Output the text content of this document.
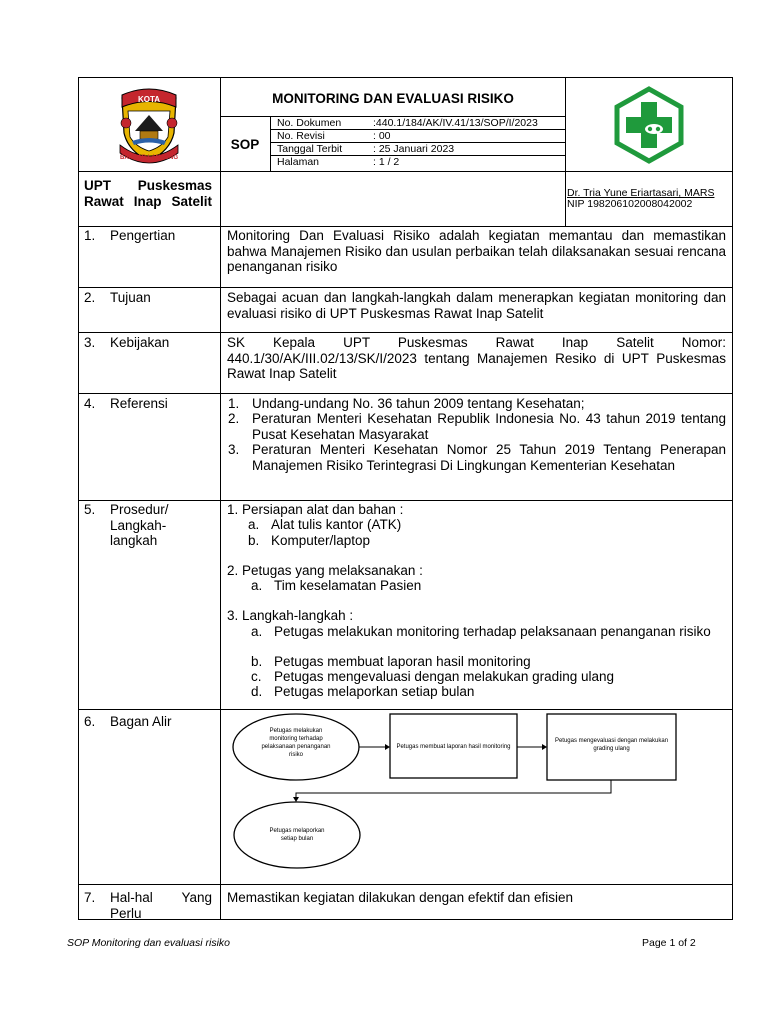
KOTA
BANDAR LAMPUNG
MONITORING DAN EVALUASI RISIKO
SOP
No. Dokumen	:440.1/184/AK/IV.41/13/SOP/I/2023
No. Revisi	: 00
Tanggal Terbit	: 25 Januari 2023
Halaman	: 1 / 2
UPT Puskesmas Rawat Inap Satelit
Dr. Tria Yune Eriartasari, MARS
NIP 198206102008042002
1. Pengertian	Monitoring Dan Evaluasi Risiko adalah kegiatan memantau dan memastikan bahwa Manajemen Risiko dan usulan perbaikan telah dilaksanakan sesuai rencana penanganan risiko
2. Tujuan	Sebagai acuan dan langkah-langkah dalam menerapkan kegiatan monitoring dan evaluasi risiko di UPT Puskesmas Rawat Inap Satelit
3. Kebijakan	SK Kepala UPT Puskesmas Rawat Inap Satelit Nomor: 440.1/30/AK/III.02/13/SK/I/2023 tentang Manajemen Resiko di UPT Puskesmas Rawat Inap Satelit
4. Referensi	1. Undang-undang No. 36 tahun 2009 tentang Kesehatan;
2. Peraturan Menteri Kesehatan Republik Indonesia No. 43 tahun 2019 tentang Pusat Kesehatan Masyarakat
3. Peraturan Menteri Kesehatan Nomor 25 Tahun 2019 Tentang Penerapan Manajemen Risiko Terintegrasi Di Lingkungan Kementerian Kesehatan
5. Prosedur/ Langkah-langkah
1. Persiapan alat dan bahan :
a. Alat tulis kantor (ATK)
b. Komputer/laptop
2. Petugas yang melaksanakan :
a. Tim keselamatan Pasien
3. Langkah-langkah :
a. Petugas melakukan monitoring terhadap pelaksanaan penanganan risiko
b. Petugas membuat laporan hasil monitoring
c. Petugas mengevaluasi dengan melakukan grading ulang
d. Petugas melaporkan setiap bulan
6. Bagan Alir
Petugas melakukan monitoring terhadap pelaksanaan penanganan risiko
Petugas membuat laporan hasil monitoring
Petugas mengevaluasi dengan melakukan grading ulang
Petugas melaporkan setiap bulan
7. Hal-hal Yang Perlu
Memastikan kegiatan dilakukan dengan efektif dan efisien
SOP Monitoring dan evaluasi risiko	Page 1 of 2
